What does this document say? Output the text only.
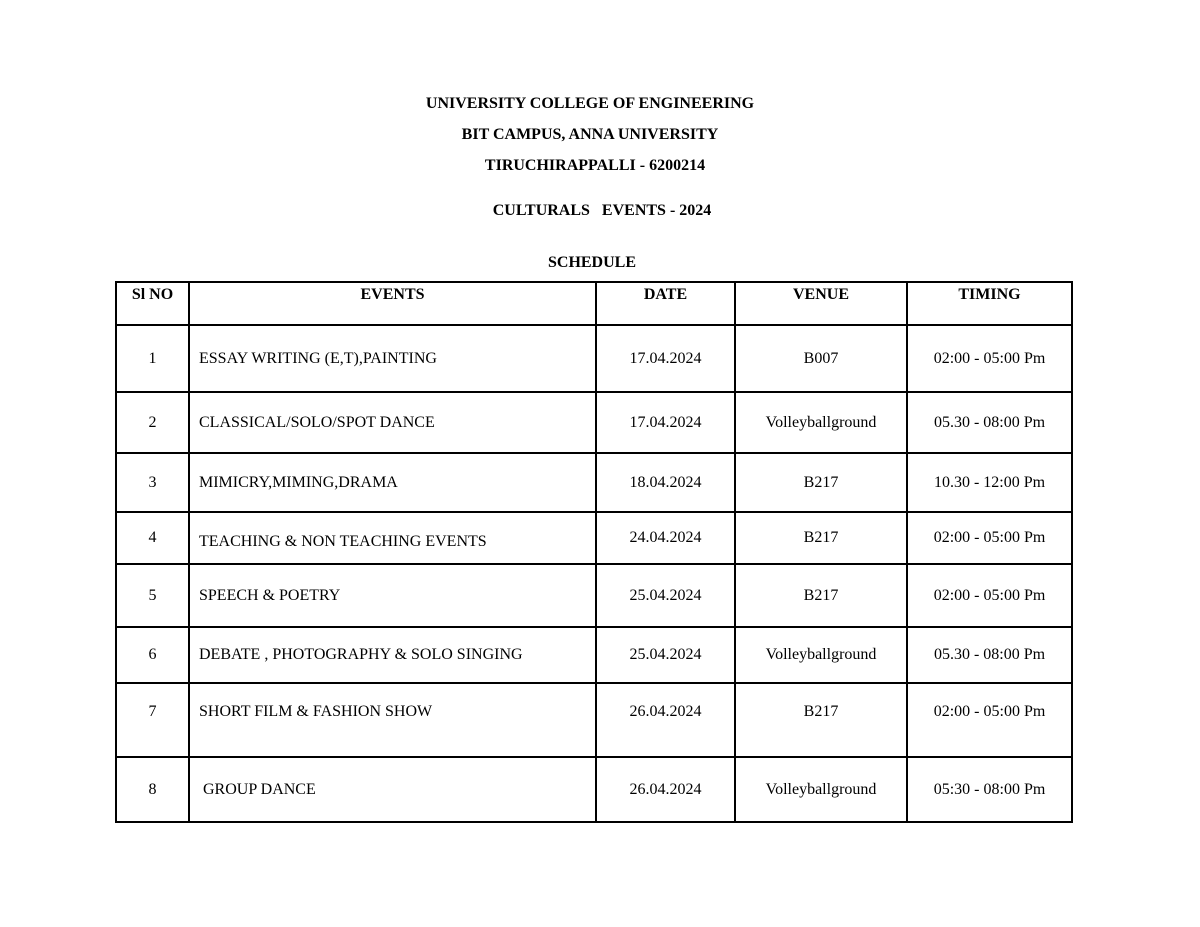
UNIVERSITY COLLEGE OF ENGINEERING
BIT CAMPUS, ANNA UNIVERSITY
TIRUCHIRAPPALLI - 6200214
CULTURALS   EVENTS - 2024
SCHEDULE
Sl NO	EVENTS	DATE	VENUE	TIMING
1	ESSAY WRITING (E,T),PAINTING	17.04.2024	B007	02:00 - 05:00 Pm
2	CLASSICAL/SOLO/SPOT DANCE	17.04.2024	Volleyballground	05.30 - 08:00 Pm
3	MIMICRY,MIMING,DRAMA	18.04.2024	B217	10.30 - 12:00 Pm
4	TEACHING & NON TEACHING EVENTS	24.04.2024	B217	02:00 - 05:00 Pm
5	SPEECH & POETRY	25.04.2024	B217	02:00 - 05:00 Pm
6	DEBATE , PHOTOGRAPHY & SOLO SINGING	25.04.2024	Volleyballground	05.30 - 08:00 Pm
7	SHORT FILM & FASHION SHOW	26.04.2024	B217	02:00 - 05:00 Pm
8	GROUP DANCE	26.04.2024	Volleyballground	05:30 - 08:00 Pm
